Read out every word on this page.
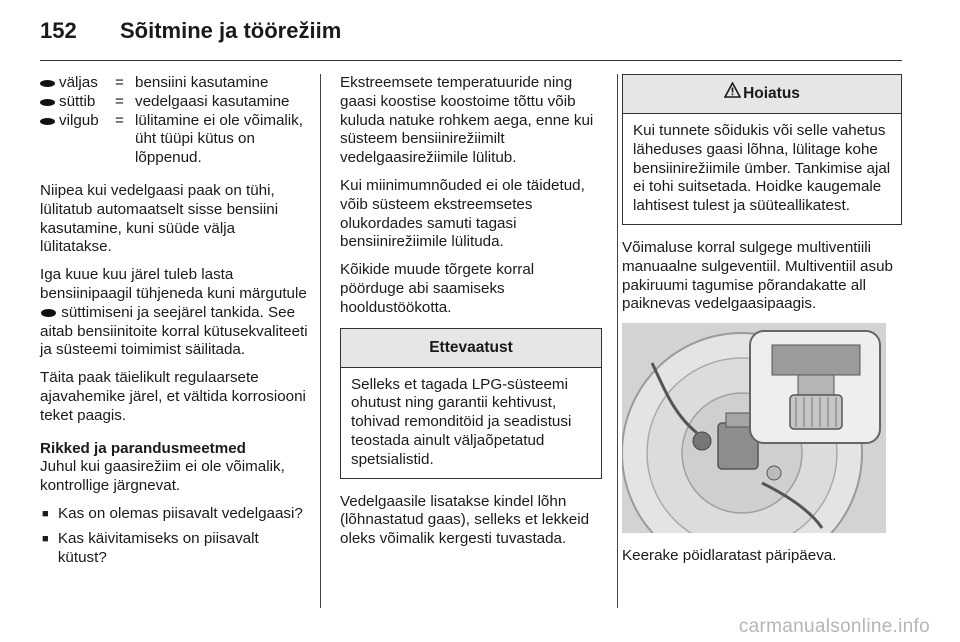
152 Sõitmine ja töörežiim
väljas = bensiini kasutamine
süttib = vedelgaasi kasutamine
vilgub = lülitamine ei ole võimalik, üht tüüpi kütus on lõppenud.

Niipea kui vedelgaasi paak on tühi, lülitatub automaatselt sisse bensiini kasutamine, kuni süüde välja lülitatakse.

Iga kuue kuu järel tuleb lasta bensiinipaagil tühjeneda kuni märgutule  süttimiseni ja seejärel tankida. See aitab bensiinitoite korral kütusekvaliteeti ja süsteemi toimimist säilitada.

Täita paak täielikult regulaarsete ajavahemike järel, et vältida korrosiooni teket paagis.

Rikked ja parandusmeetmed

Juhul kui gaasirežiim ei ole võimalik, kontrollige järgnevat.

■ Kas on olemas piisavalt vedelgaasi?
■ Kas käivitamiseks on piisavalt kütust?

Ekstreemsete temperatuuride ning gaasi koostise koostoime tõttu võib kuluda natuke rohkem aega, enne kui süsteem bensiinirežiimilt vedelgaasirežiimile lülitub.

Kui miinimumnõuded ei ole täidetud, võib süsteem ekstreemsetes olukordades samuti tagasi bensiinirežiimile lülituda.

Kõikide muude tõrgete korral pöörduge abi saamiseks hooldustöökotta.

Ettevaatust
Selleks et tagada LPG-süsteemi ohutust ning garantii kehtivust, tohivad remonditöid ja seadistusi teostada ainult väljaõpetatud spetsialistid.

Vedelgaasile lisatakse kindel lõhn (lõhnastatud gaas), selleks et lekkeid oleks võimalik kergesti tuvastada.

Hoiatus
Kui tunnete sõidukis või selle vahetus läheduses gaasi lõhna, lülitage kohe bensiinirežiimile ümber. Tankimise ajal ei tohi suitsetada. Hoidke kaugemale lahtisest tulest ja süüteallikatest.

Võimaluse korral sulgege multiventiili manuaalne sulgeventiil. Multiventiil asub pakiruumi tagumise põrandakatte all paiknevas vedelgaasipaagis.

Keerake pöidlaratast päripäeva.

carmanualsonline.info
